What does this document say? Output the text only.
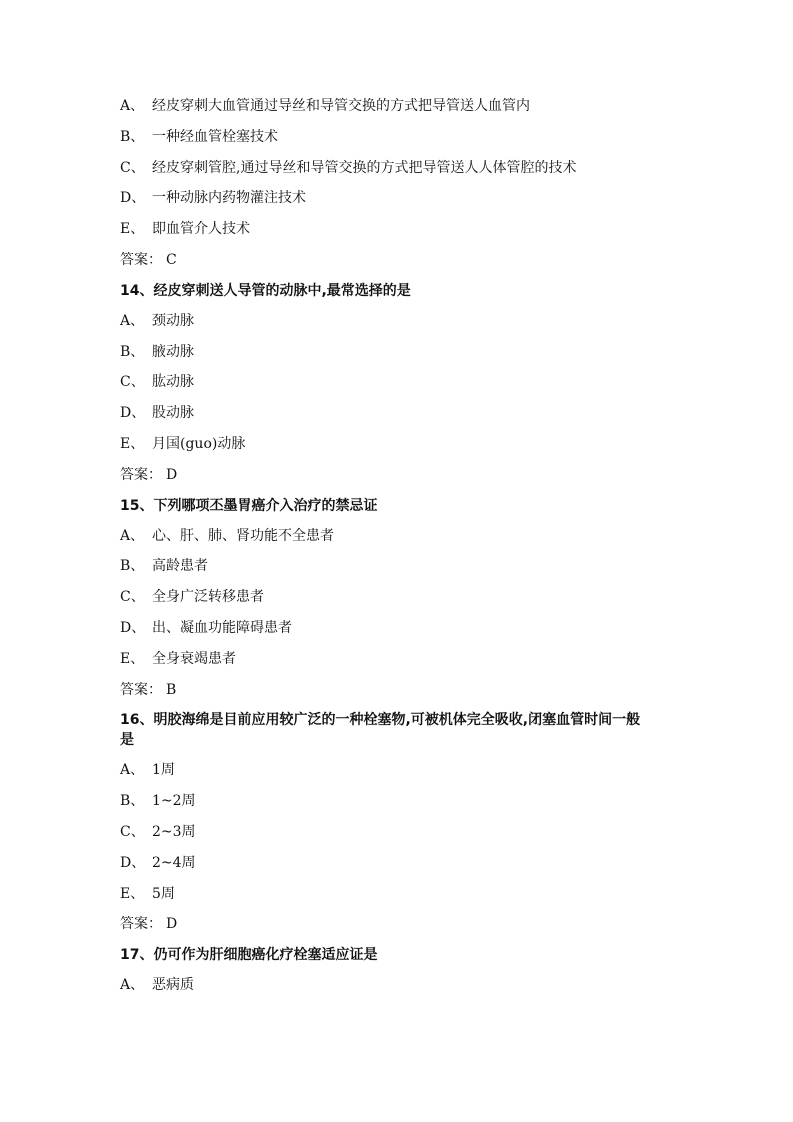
A、 经皮穿刺大血管通过导丝和导管交换的方式把导管送人血管内
B、 一种经血管栓塞技术
C、 经皮穿刺管腔,通过导丝和导管交换的方式把导管送人人体管腔的技术
D、 一种动脉内药物灌注技术
E、 即血管介人技术
答案： C
14、经皮穿刺送人导管的动脉中,最常选择的是
A、 颈动脉
B、 腋动脉
C、 肱动脉
D、 股动脉
E、 月国(guo)动脉
答案： D
15、下列哪项丕墨胃癌介入治疗的禁忌证
A、 心、肝、肺、肾功能不全患者
B、 高龄患者
C、 全身广泛转移患者
D、 出、凝血功能障碍患者
E、 全身衰竭患者
答案： B
16、明胶海绵是目前应用较广泛的一种栓塞物,可被机体完全吸收,闭塞血管时间一般是
A、 1周
B、 1~2周
C、 2~3周
D、 2~4周
E、 5周
答案： D
17、仍可作为肝细胞癌化疗栓塞适应证是
A、 恶病质
